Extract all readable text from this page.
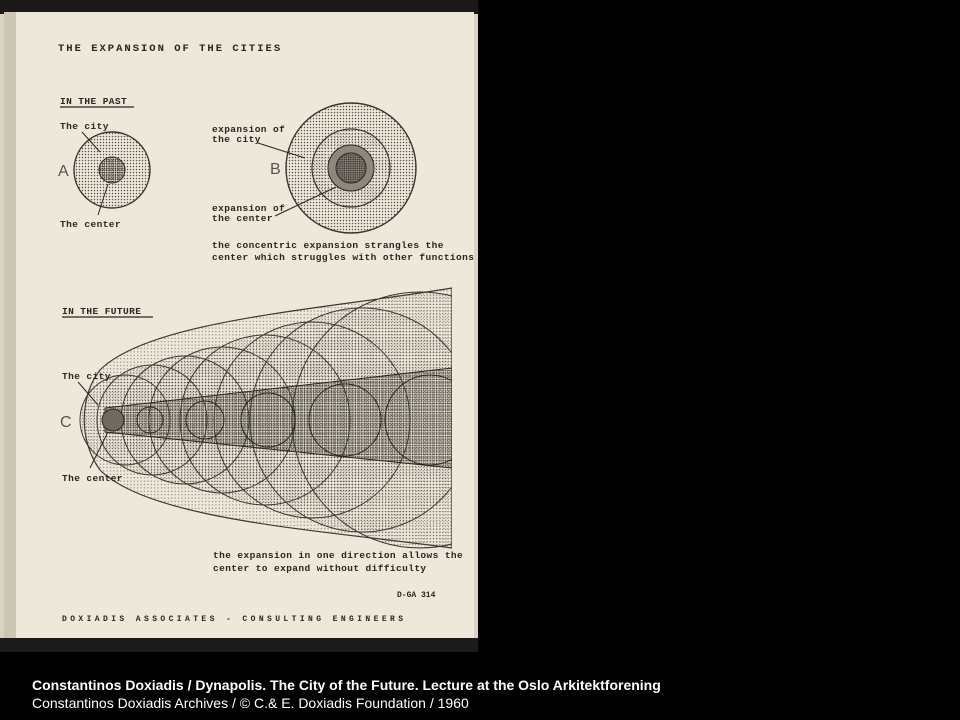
THE EXPANSION OF THE CITIES
IN THE PAST
A
The city
The center
B
expansion of
the city
expansion of
the center
the concentric expansion strangles the
center which struggles with other functions
IN THE FUTURE
C
The city
The center
the expansion in one direction allows the
center to expand without difficulty
D-GA 314
DOXIADIS ASSOCIATES - CONSULTING ENGINEERS
Constantinos Doxiadis / Dynapolis. The City of the Future. Lecture at the Oslo Arkitektforening
Constantinos Doxiadis Archives / © C.& E. Doxiadis Foundation / 1960
